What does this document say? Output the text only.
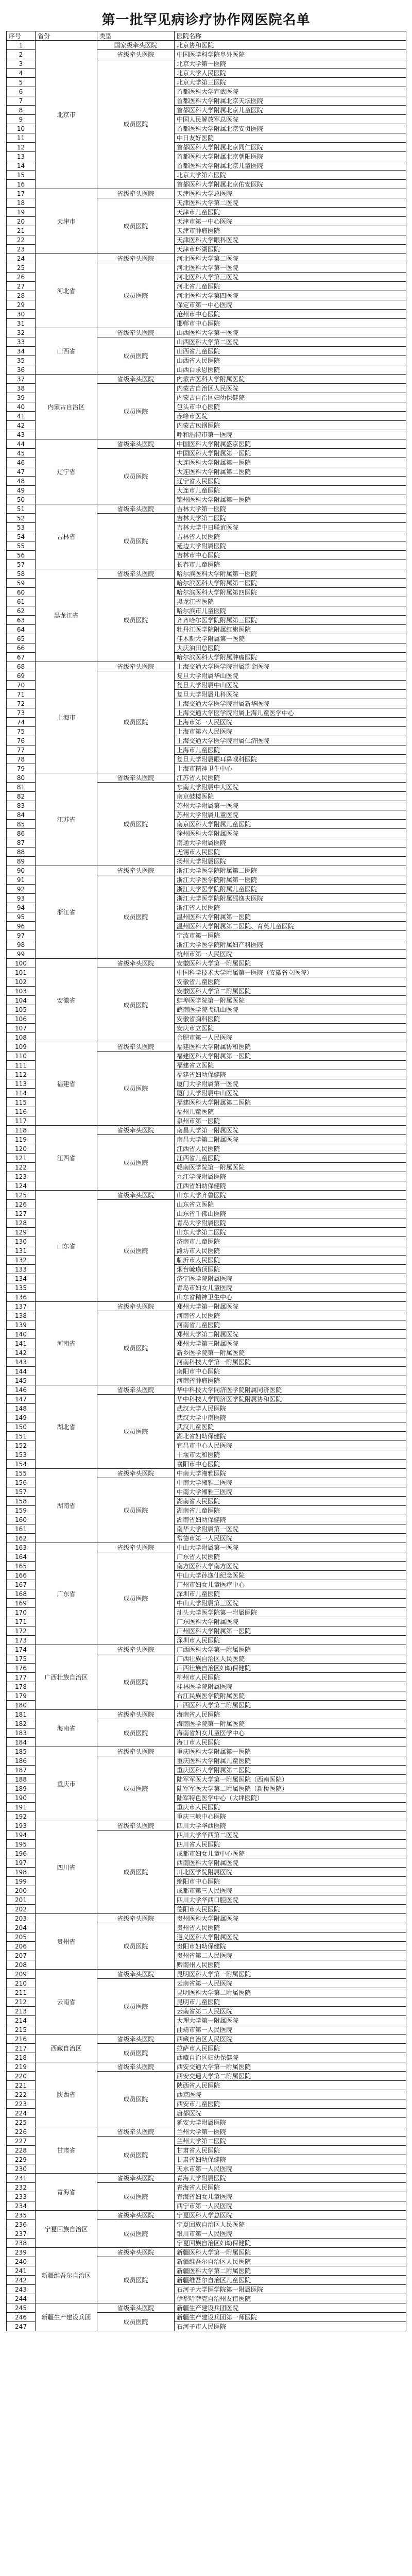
第一批罕见病诊疗协作网医院名单
序号	省份	类型	医院名称
1	北京市	国家级牵头医院	北京协和医院
2		省级牵头医院	中国医学科学院阜外医院
3		成员医院	北京大学第一医院
4			北京大学人民医院
5			北京大学第三医院
6			首都医科大学宣武医院
7			首都医科大学附属北京天坛医院
8			首都医科大学附属北京儿童医院
9			中国人民解放军总医院
10			首都医科大学附属北京安贞医院
11			中日友好医院
12			首都医科大学附属北京同仁医院
13			首都医科大学附属北京朝阳医院
14			首都医科大学附属北京儿童医院
15			北京大学第六医院
16			首都医科大学附属北京佑安医院
17	天津市	省级牵头医院	天津医科大学总医院
18		成员医院	天津医科大学第二医院
19			天津市儿童医院
20			天津市第一中心医院
21			天津市肿瘤医院
22			天津医科大学眼科医院
23			天津市环湖医院
24	河北省	省级牵头医院	河北医科大学第二医院
25		成员医院	河北医科大学第一医院
26			河北医科大学第三医院
27			河北省儿童医院
28			河北医科大学第四医院
29			保定市第一中心医院
30			沧州市中心医院
31			邯郸市中心医院
32	山西省	省级牵头医院	山西医科大学第一医院
33		成员医院	山西医科大学第二医院
34			山西省儿童医院
35			山西省人民医院
36			山西白求恩医院
37	内蒙古自治区	省级牵头医院	内蒙古医科大学附属医院
38		成员医院	内蒙古自治区人民医院
39			内蒙古自治区妇幼保健院
40			包头市中心医院
41			赤峰市医院
42			内蒙古包钢医院
43			呼和浩特市第一医院
44	辽宁省	省级牵头医院	中国医科大学附属盛京医院
45		成员医院	中国医科大学附属第一医院
46			大连医科大学附属第一医院
47			大连医科大学附属第二医院
48			辽宁省人民医院
49			大连市儿童医院
50			锦州医科大学附属第一医院
51	吉林省	省级牵头医院	吉林大学第一医院
52		成员医院	吉林大学第二医院
53			吉林大学中日联谊医院
54			吉林省人民医院
55			延边大学附属医院
56			吉林市中心医院
57			长春市儿童医院
58	黑龙江省	省级牵头医院	哈尔滨医科大学附属第一医院
59		成员医院	哈尔滨医科大学附属第二医院
60			哈尔滨医科大学附属第四医院
61			黑龙江省医院
62			哈尔滨市儿童医院
63			齐齐哈尔医学院附属第三医院
64			牡丹江医学院附属红旗医院
65			佳木斯大学附属第一医院
66			大庆油田总医院
67			哈尔滨医科大学附属肿瘤医院
68	上海市	省级牵头医院	上海交通大学医学院附属瑞金医院
69		成员医院	复旦大学附属华山医院
70			复旦大学附属中山医院
71			复旦大学附属儿科医院
72			上海交通大学医学院附属新华医院
73			上海交通大学医学院附属上海儿童医学中心
74			上海市第一人民医院
75			上海市第六人民医院
76			上海交通大学医学院附属仁济医院
77			上海市儿童医院
78			复旦大学附属眼耳鼻喉科医院
79			上海市精神卫生中心
80	江苏省	省级牵头医院	江苏省人民医院
81		成员医院	东南大学附属中大医院
82			南京鼓楼医院
83			苏州大学附属第一医院
84			苏州大学附属儿童医院
85			南京医科大学附属儿童医院
86			徐州医科大学附属医院
87			南通大学附属医院
88			无锡市人民医院
89			扬州大学附属医院
90	浙江省	省级牵头医院	浙江大学医学院附属第二医院
91		成员医院	浙江大学医学院附属第一医院
92			浙江大学医学院附属儿童医院
93			浙江大学医学院附属邵逸夫医院
94			浙江省人民医院
95			温州医科大学附属第一医院
96			温州医科大学附属第二医院、育英儿童医院
97			宁波市第一医院
98			浙江大学医学院附属妇产科医院
99			杭州市第一人民医院
100	安徽省	省级牵头医院	安徽医科大学第一附属医院
101		成员医院	中国科学技术大学附属第一医院（安徽省立医院）
102			安徽省儿童医院
103			安徽医科大学第二附属医院
104			蚌埠医学院第一附属医院
105			皖南医学院弋矶山医院
106			安徽省胸科医院
107			安庆市立医院
108			合肥市第一人民医院
109	福建省	省级牵头医院	福建医科大学附属协和医院
110		成员医院	福建医科大学附属第一医院
111			福建省立医院
112			福建省妇幼保健院
113			厦门大学附属第一医院
114			厦门大学附属中山医院
115			福建医科大学附属第二医院
116			福州儿童医院
117			泉州市第一医院
118	江西省	省级牵头医院	南昌大学第一附属医院
119		成员医院	南昌大学第二附属医院
120			江西省人民医院
121			江西省儿童医院
122			赣南医学院第一附属医院
123			九江学院附属医院
124			江西省妇幼保健院
125	山东省	省级牵头医院	山东大学齐鲁医院
126		成员医院	山东省立医院
127			山东省千佛山医院
128			青岛大学附属医院
129			山东大学第二医院
130			济南市儿童医院
131			潍坊市人民医院
132			临沂市人民医院
133			烟台毓璜顶医院
134			济宁医学院附属医院
135			青岛市妇女儿童医院
136			山东省精神卫生中心
137	河南省	省级牵头医院	郑州大学第一附属医院
138		成员医院	河南省人民医院
139			河南省儿童医院
140			郑州大学第二附属医院
141			郑州大学第三附属医院
142			新乡医学院第一附属医院
143			河南科技大学第一附属医院
144			南阳市中心医院
145			河南省肿瘤医院
146	湖北省	省级牵头医院	华中科技大学同济医学院附属同济医院
147		成员医院	华中科技大学同济医学院附属协和医院
148			武汉大学人民医院
149			武汉大学中南医院
150			武汉儿童医院
151			湖北省妇幼保健院
152			宜昌市中心人民医院
153			十堰市太和医院
154			襄阳市中心医院
155	湖南省	省级牵头医院	中南大学湘雅医院
156		成员医院	中南大学湘雅二医院
157			中南大学湘雅三医院
158			湖南省人民医院
159			湖南省儿童医院
160			湖南省妇幼保健院
161			南华大学附属第一医院
162			常德市第一人民医院
163	广东省	省级牵头医院	中山大学附属第一医院
164		成员医院	广东省人民医院
165			南方医科大学南方医院
166			中山大学孙逸仙纪念医院
167			广州市妇女儿童医疗中心
168			深圳市儿童医院
169			中山大学附属第三医院
170			汕头大学医学院第一附属医院
171			广东医科大学附属医院
172			广州医科大学附属第一医院
173			深圳市人民医院
174	广西壮族自治区	省级牵头医院	广西医科大学第一附属医院
175		成员医院	广西壮族自治区人民医院
176			广西壮族自治区妇幼保健院
177			柳州市人民医院
178			桂林医学院附属医院
179			右江民族医学院附属医院
180			广西医科大学第二附属医院
181	海南省	省级牵头医院	海南省人民医院
182		成员医院	海南医学院第一附属医院
183			海南省妇女儿童医学中心
184			海口市人民医院
185	重庆市	省级牵头医院	重庆医科大学附属第一医院
186		成员医院	重庆医科大学附属儿童医院
187			重庆医科大学附属第二医院
188			陆军军医大学第一附属医院（西南医院）
189			陆军军医大学第二附属医院（新桥医院）
190			陆军特色医学中心（大坪医院）
191			重庆市人民医院
192			重庆三峡中心医院
193	四川省	省级牵头医院	四川大学华西医院
194		成员医院	四川大学华西第二医院
195			四川省人民医院
196			成都市妇女儿童中心医院
197			西南医科大学附属医院
198			川北医学院附属医院
199			绵阳市中心医院
200			成都市第三人民医院
201			四川大学华西口腔医院
202			德阳市人民医院
203	贵州省	省级牵头医院	贵州医科大学附属医院
204		成员医院	贵州省人民医院
205			遵义医科大学附属医院
206			贵阳市妇幼保健院
207			贵州省第二人民医院
208			黔南州人民医院
209	云南省	省级牵头医院	昆明医科大学第一附属医院
210		成员医院	云南省第一人民医院
211			昆明医科大学第二附属医院
212			昆明市儿童医院
213			云南省第二人民医院
214			大理大学第一附属医院
215			曲靖市第一人民医院
216	西藏自治区	省级牵头医院	西藏自治区人民医院
217		成员医院	拉萨市人民医院
218			西藏自治区妇幼保健院
219	陕西省	省级牵头医院	西安交通大学第一附属医院
220		成员医院	西安交通大学第二附属医院
221			陕西省人民医院
222			西京医院
223			西安市儿童医院
224			唐都医院
225			延安大学附属医院
226	甘肃省	省级牵头医院	兰州大学第一医院
227		成员医院	兰州大学第二医院
228			甘肃省人民医院
229			甘肃省妇幼保健院
230			天水市第一人民医院
231	青海省	省级牵头医院	青海大学附属医院
232		成员医院	青海省人民医院
233			青海省妇女儿童医院
234			西宁市第一人民医院
235	宁夏回族自治区	省级牵头医院	宁夏医科大学总医院
236		成员医院	宁夏回族自治区人民医院
237			银川市第一人民医院
238			宁夏回族自治区妇幼保健院
239	新疆维吾尔自治区	省级牵头医院	新疆医科大学第一附属医院
240		成员医院	新疆维吾尔自治区人民医院
241			新疆医科大学第二附属医院
242			新疆维吾尔自治区儿童医院
243			石河子大学医学院第一附属医院
244			伊犁哈萨克自治州友谊医院
245	新疆生产建设兵团	省级牵头医院	新疆生产建设兵团医院
246		成员医院	新疆生产建设兵团第一师医院
247			石河子市人民医院
